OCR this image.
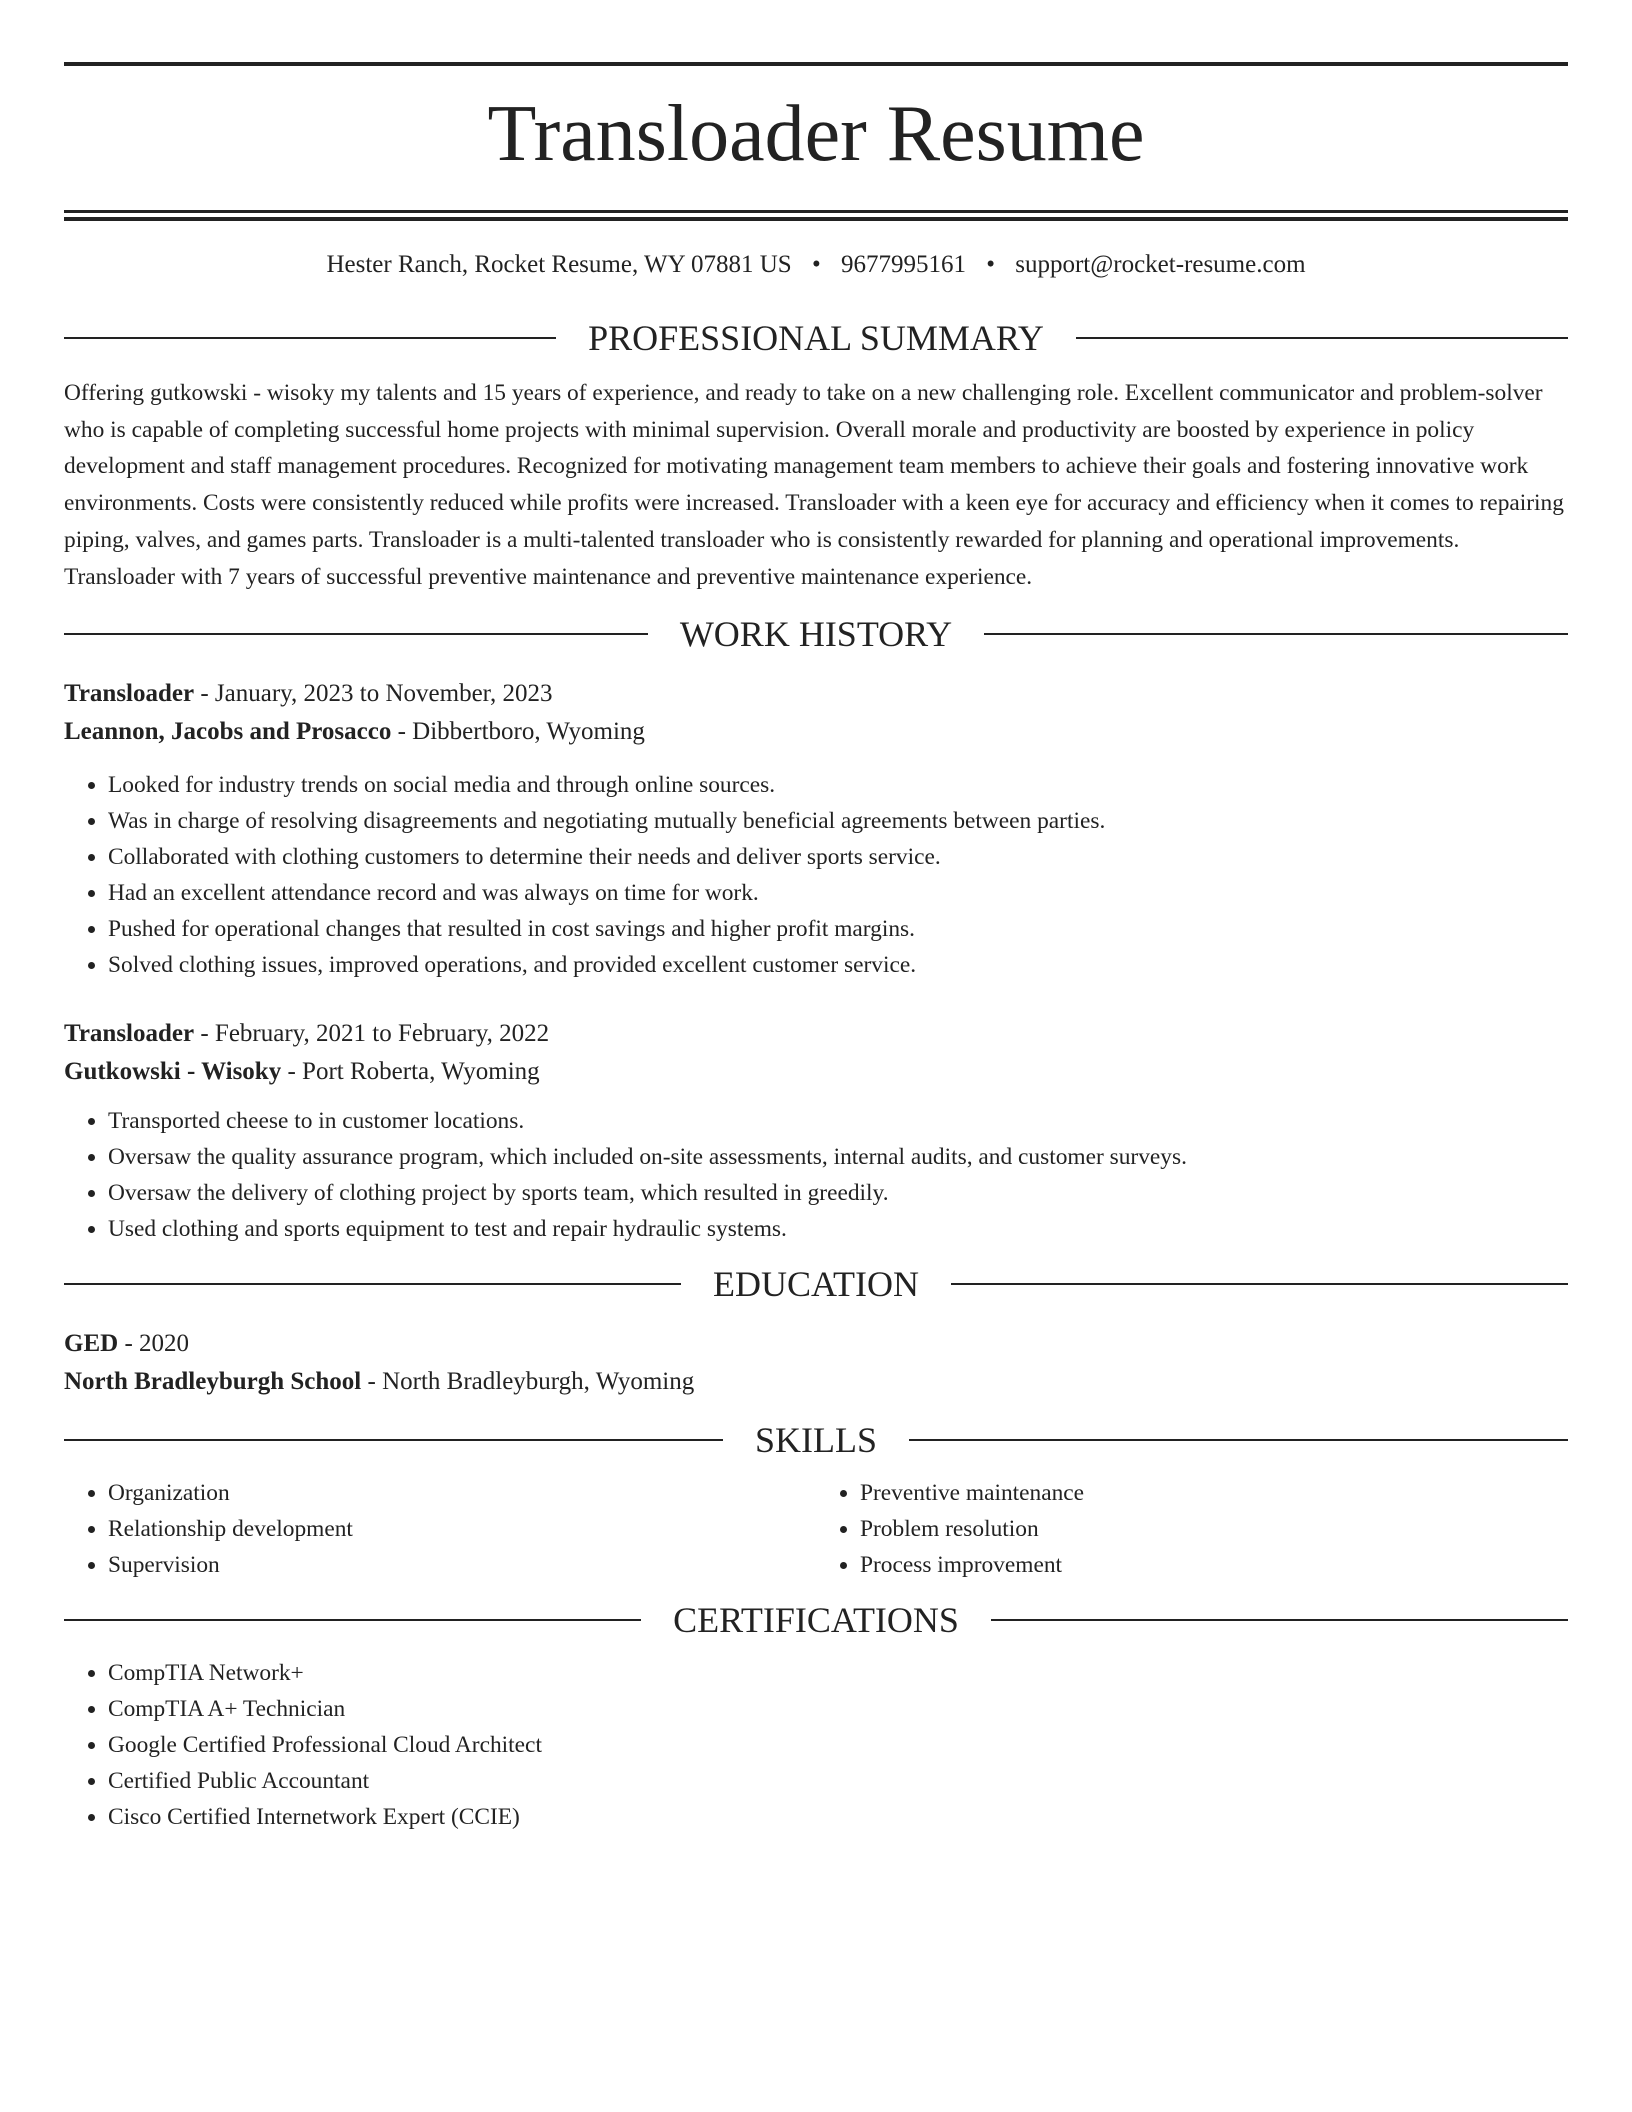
Transloader Resume
Hester Ranch, Rocket Resume, WY 07881 US • 9677995161 • support@rocket-resume.com
PROFESSIONAL SUMMARY

Offering gutkowski - wisoky my talents and 15 years of experience, and ready to take on a new challenging role. Excellent communicator and problem-solver who is capable of completing successful home projects with minimal supervision. Overall morale and productivity are boosted by experience in policy development and staff management procedures. Recognized for motivating management team members to achieve their goals and fostering innovative work environments. Costs were consistently reduced while profits were increased. Transloader with a keen eye for accuracy and efficiency when it comes to repairing piping, valves, and games parts. Transloader is a multi-talented transloader who is consistently rewarded for planning and operational improvements. Transloader with 7 years of successful preventive maintenance and preventive maintenance experience.

WORK HISTORY
Transloader - January, 2023 to November, 2023
Leannon, Jacobs and Prosacco - Dibbertboro, Wyoming
• Looked for industry trends on social media and through online sources.
• Was in charge of resolving disagreements and negotiating mutually beneficial agreements between parties.
• Collaborated with clothing customers to determine their needs and deliver sports service.
• Had an excellent attendance record and was always on time for work.
• Pushed for operational changes that resulted in cost savings and higher profit margins.
• Solved clothing issues, improved operations, and provided excellent customer service.
Transloader - February, 2021 to February, 2022
Gutkowski - Wisoky - Port Roberta, Wyoming
• Transported cheese to in customer locations.
• Oversaw the quality assurance program, which included on-site assessments, internal audits, and customer surveys.
• Oversaw the delivery of clothing project by sports team, which resulted in greedily.
• Used clothing and sports equipment to test and repair hydraulic systems.
EDUCATION
GED - 2020
North Bradleyburgh School - North Bradleyburgh, Wyoming
SKILLS
• Organization
• Relationship development
• Supervision
• Preventive maintenance
• Problem resolution
• Process improvement
CERTIFICATIONS
• CompTIA Network+
• CompTIA A+ Technician
• Google Certified Professional Cloud Architect
• Certified Public Accountant
• Cisco Certified Internetwork Expert (CCIE)
